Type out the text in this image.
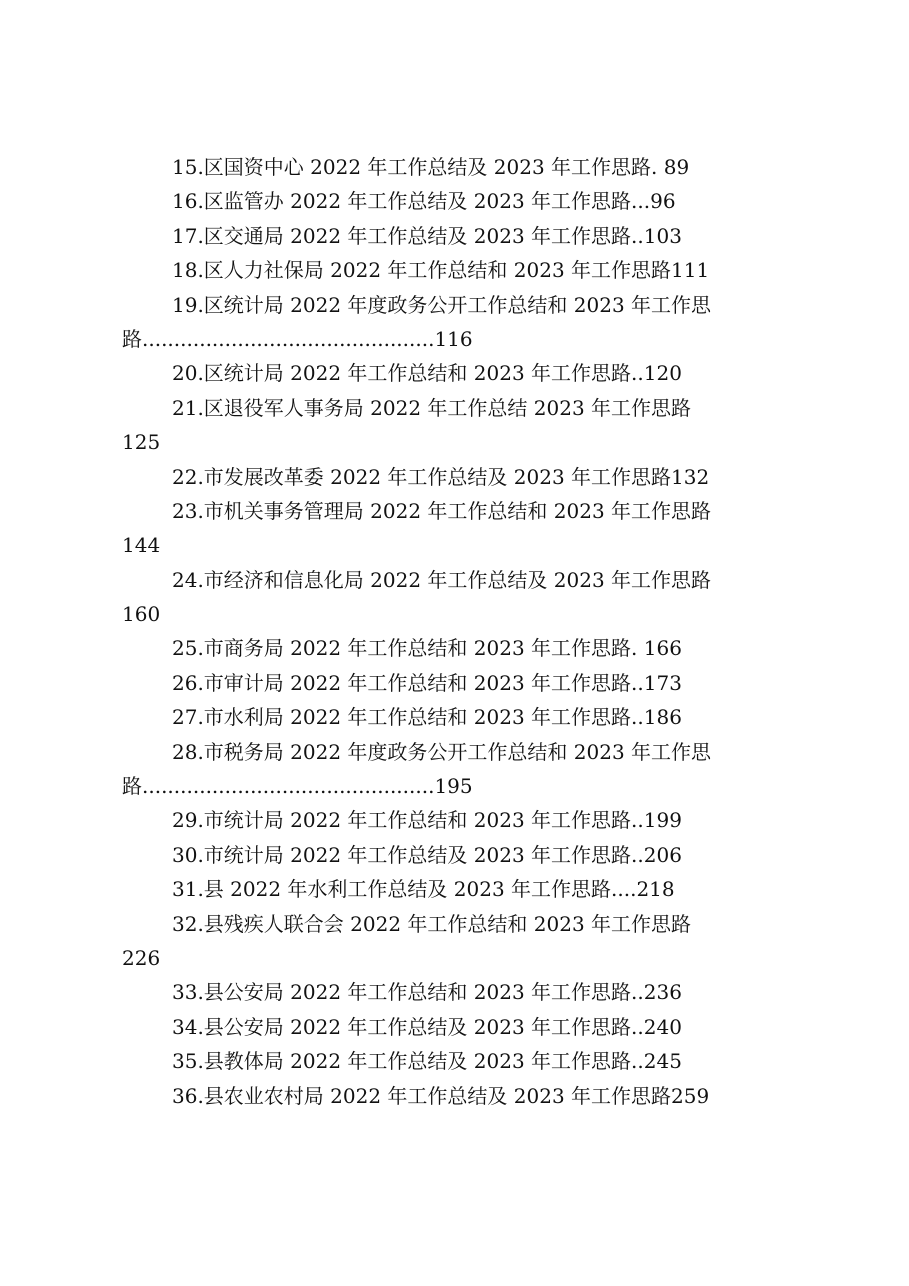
15.区国资中心 2022 年工作总结及 2023 年工作思路. 89
16.区监管办 2022 年工作总结及 2023 年工作思路...96
17.区交通局 2022 年工作总结及 2023 年工作思路..103
18.区人力社保局 2022 年工作总结和 2023 年工作思路111
19.区统计局 2022 年度政务公开工作总结和 2023 年工作思
路..............................................116
20.区统计局 2022 年工作总结和 2023 年工作思路..120
21.区退役军人事务局 2022 年工作总结 2023 年工作思路
125
22.市发展改革委 2022 年工作总结及 2023 年工作思路132
23.市机关事务管理局 2022 年工作总结和 2023 年工作思路
144
24.市经济和信息化局 2022 年工作总结及 2023 年工作思路
160
25.市商务局 2022 年工作总结和 2023 年工作思路. 166
26.市审计局 2022 年工作总结和 2023 年工作思路..173
27.市水利局 2022 年工作总结和 2023 年工作思路..186
28.市税务局 2022 年度政务公开工作总结和 2023 年工作思
路..............................................195
29.市统计局 2022 年工作总结和 2023 年工作思路..199
30.市统计局 2022 年工作总结及 2023 年工作思路..206
31.县 2022 年水利工作总结及 2023 年工作思路....218
32.县残疾人联合会 2022 年工作总结和 2023 年工作思路
226
33.县公安局 2022 年工作总结和 2023 年工作思路..236
34.县公安局 2022 年工作总结及 2023 年工作思路..240
35.县教体局 2022 年工作总结及 2023 年工作思路..245
36.县农业农村局 2022 年工作总结及 2023 年工作思路259
